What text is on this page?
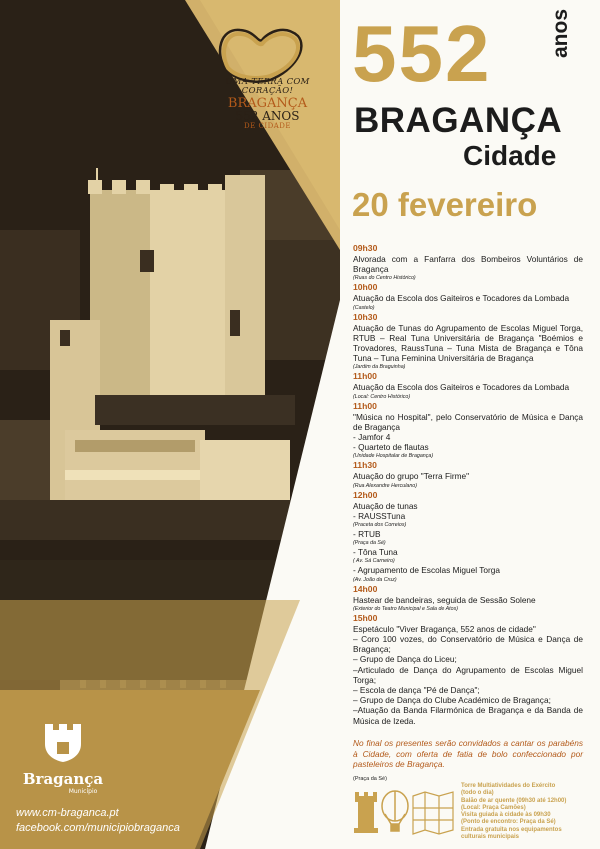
UMA TERRA COM CORAÇÃO!
BRAGANÇA
552 ANOS
DE CIDADE
Bragança
Município
www.cm-braganca.pt
facebook.com/municipiobraganca
552	anos
BRAGANÇA
Cidade
20 fevereiro
09h30
Alvorada com a Fanfarra dos Bombeiros Voluntários de Bragança
(Ruas do Centro Histórico)
10h00
Atuação da Escola dos Gaiteiros e Tocadores da Lombada
(Castelo)
10h30
Atuação de Tunas do Agrupamento de Escolas Miguel Torga, RTUB – Real Tuna Universitária de Bragança "Boémios e Trovadores, RaussTuna – Tuna Mista de Bragança e Tôna Tuna – Tuna Feminina Universitária de Bragança
(Jardim da Braguinha)
11h00
Atuação da Escola dos Gaiteiros e Tocadores da Lombada
(Local: Centro Histórico)
11h00
"Música no Hospital", pelo Conservatório de Música e Dança de Bragança
- Jamfor 4
- Quarteto de flautas
(Unidade Hospitalar de Bragança)
11h30
Atuação do grupo "Terra Firme"
(Rua Alexandre Herculano)
12h00
Atuação de tunas
- RAUSSTuna
(Praceta dos Correios)
- RTUB
(Praça da Sé)
- Tôna Tuna
( Av. Sá Carneiro)
- Agrupamento de Escolas Miguel Torga
(Av. João da Cruz)
14h00
Hastear de bandeiras, seguida de Sessão Solene
(Exterior do Teatro Municipal e Sala de Atos)
15h00
Espetáculo "Viver Bragança, 552 anos de cidade"
– Coro 100 vozes, do Conservatório de Música e Dança de Bragança;
– Grupo de Dança do Liceu;
–Articulado de Dança do Agrupamento de Escolas Miguel Torga;
– Escola de dança "Pé de Dança";
– Grupo de Dança do Clube Académico de Bragança;
–Atuação da Banda Filarmónica de Bragança e da Banda de Música de Izeda.
No final os presentes serão convidados a cantar os parabéns à Cidade, com oferta de fatia de bolo confeccionado por pasteleiros de Bragança.
(Praça da Sé)
Torre Multiatividades do Exército
(todo o dia)
Balão de ar quente (09h30 até 12h00)
(Local: Praça Camões)
Visita guiada à cidade às 09h30
(Ponto de encontro: Praça da Sé)
Entrada gratuita nos equipamentos
culturais municipais
